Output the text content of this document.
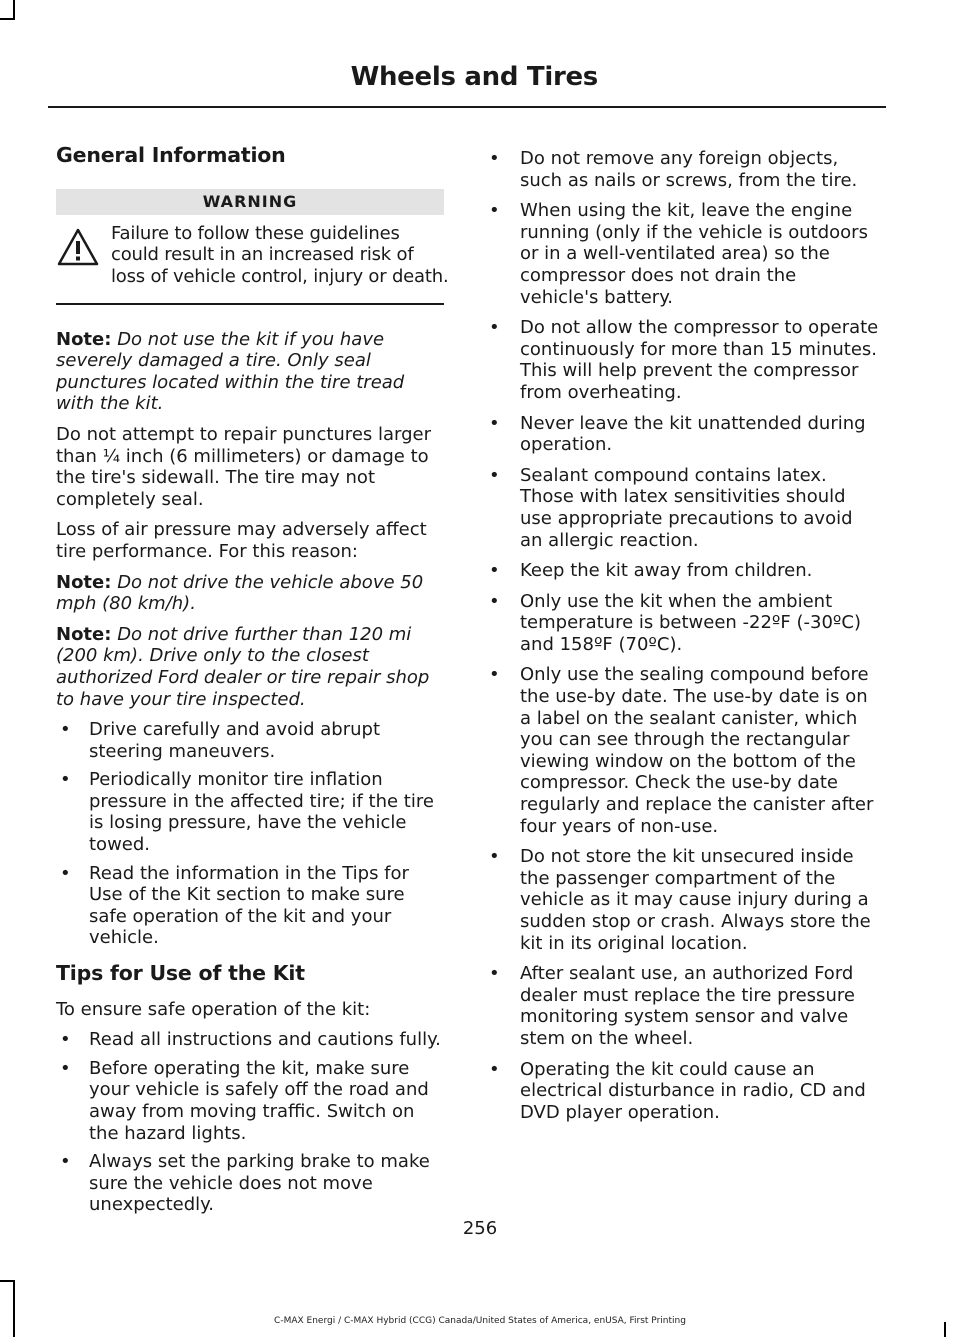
Wheels and Tires
General Information
WARNING
Failure to follow these guidelines could result in an increased risk of loss of vehicle control, injury or death.

Note: Do not use the kit if you have severely damaged a tire. Only seal punctures located within the tire tread with the kit.

Do not attempt to repair punctures larger than ¼ inch (6 millimeters) or damage to the tire's sidewall. The tire may not completely seal.

Loss of air pressure may adversely affect tire performance. For this reason:

Note: Do not drive the vehicle above 50 mph (80 km/h).

Note: Do not drive further than 120 mi (200 km). Drive only to the closest authorized Ford dealer or tire repair shop to have your tire inspected.

• Drive carefully and avoid abrupt steering maneuvers.
• Periodically monitor tire inflation pressure in the affected tire; if the tire is losing pressure, have the vehicle towed.
• Read the information in the Tips for Use of the Kit section to make sure safe operation of the kit and your vehicle.
Tips for Use of the Kit

To ensure safe operation of the kit:

• Read all instructions and cautions fully.
• Before operating the kit, make sure your vehicle is safely off the road and away from moving traffic. Switch on the hazard lights.
• Always set the parking brake to make sure the vehicle does not move unexpectedly.
• Do not remove any foreign objects, such as nails or screws, from the tire.
• When using the kit, leave the engine running (only if the vehicle is outdoors or in a well-ventilated area) so the compressor does not drain the vehicle's battery.
• Do not allow the compressor to operate continuously for more than 15 minutes. This will help prevent the compressor from overheating.
• Never leave the kit unattended during operation.
• Sealant compound contains latex. Those with latex sensitivities should use appropriate precautions to avoid an allergic reaction.
• Keep the kit away from children.
• Only use the kit when the ambient temperature is between -22ºF (-30ºC) and 158ºF (70ºC).
• Only use the sealing compound before the use-by date. The use-by date is on a label on the sealant canister, which you can see through the rectangular viewing window on the bottom of the compressor. Check the use-by date regularly and replace the canister after four years of non-use.
• Do not store the kit unsecured inside the passenger compartment of the vehicle as it may cause injury during a sudden stop or crash. Always store the kit in its original location.
• After sealant use, an authorized Ford dealer must replace the tire pressure monitoring system sensor and valve stem on the wheel.
• Operating the kit could cause an electrical disturbance in radio, CD and DVD player operation.
256
C-MAX Energi / C-MAX Hybrid (CCG) Canada/United States of America, enUSA, First Printing
